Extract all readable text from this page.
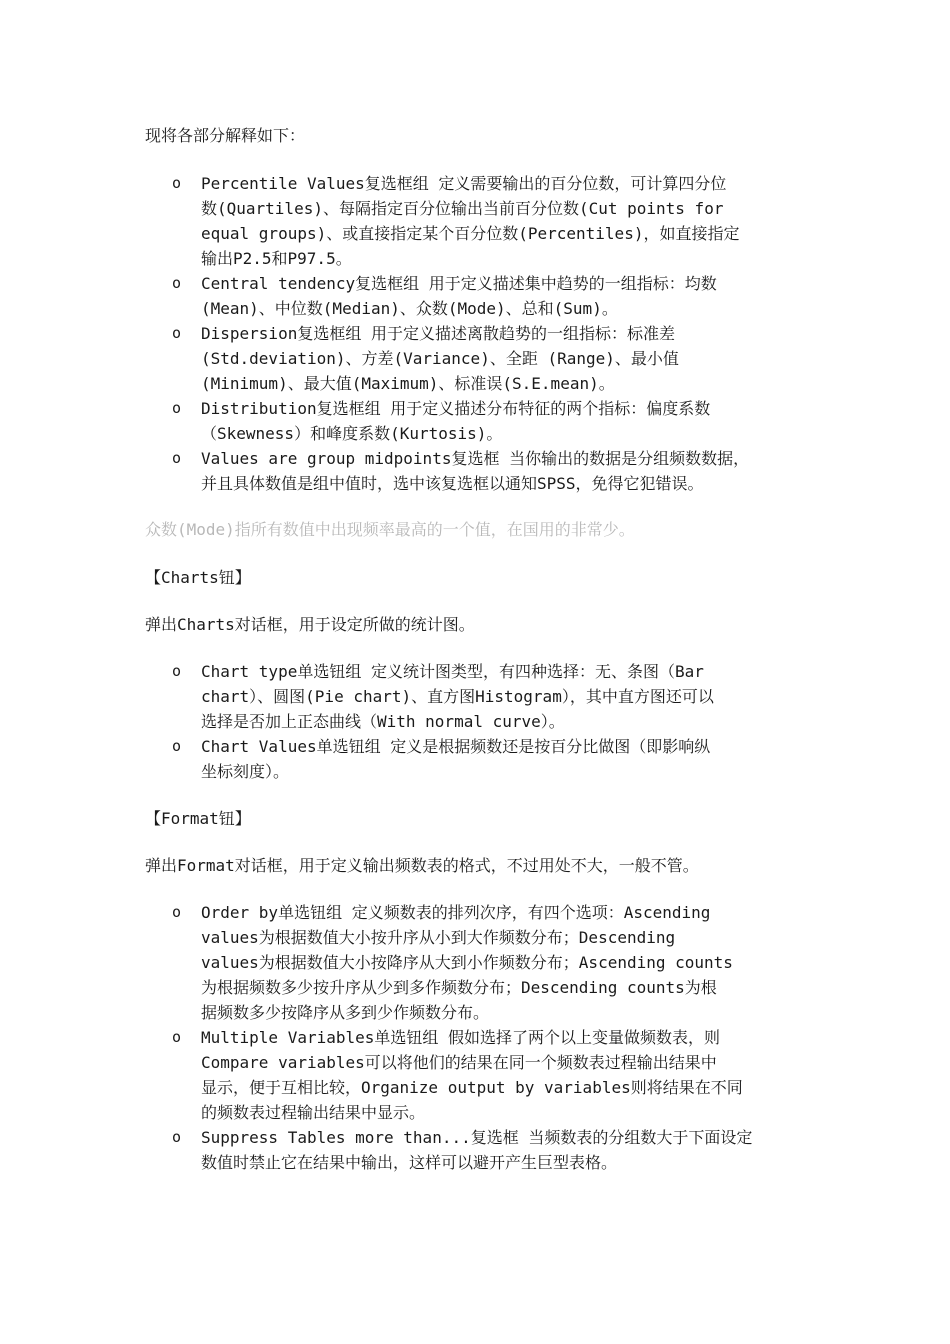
现将各部分解释如下：

o Percentile Values复选框组 定义需要输出的百分位数，可计算四分位
数(Quartiles)、每隔指定百分位输出当前百分位数(Cut points for
equal groups)、或直接指定某个百分位数(Percentiles)，如直接指定
输出P2.5和P97.5。
o Central tendency复选框组 用于定义描述集中趋势的一组指标：均数
(Mean)、中位数(Median)、众数(Mode)、总和(Sum)。
o Dispersion复选框组 用于定义描述离散趋势的一组指标：标准差
(Std.deviation)、方差(Variance)、全距 (Range)、最小值
(Minimum)、最大值(Maximum)、标准误(S.E.mean)。
o Distribution复选框组 用于定义描述分布特征的两个指标：偏度系数
（Skewness）和峰度系数(Kurtosis)。
o Values are group midpoints复选框 当你输出的数据是分组频数数据，
并且具体数值是组中值时，选中该复选框以通知SPSS，免得它犯错误。

众数(Mode)指所有数值中出现频率最高的一个值，在国用的非常少。

【Charts钮】

弹出Charts对话框，用于设定所做的统计图。

o Chart type单选钮组 定义统计图类型，有四种选择：无、条图（Bar
chart）、圆图(Pie chart)、直方图Histogram），其中直方图还可以
选择是否加上正态曲线（With normal curve）。
o Chart Values单选钮组 定义是根据频数还是按百分比做图（即影响纵
坐标刻度）。

【Format钮】

弹出Format对话框，用于定义输出频数表的格式，不过用处不大，一般不管。

o Order by单选钮组 定义频数表的排列次序，有四个选项：Ascending
values为根据数值大小按升序从小到大作频数分布；Descending
values为根据数值大小按降序从大到小作频数分布；Ascending counts
为根据频数多少按升序从少到多作频数分布；Descending counts为根
据频数多少按降序从多到少作频数分布。
o Multiple Variables单选钮组 假如选择了两个以上变量做频数表，则
Compare variables可以将他们的结果在同一个频数表过程输出结果中
显示，便于互相比较，Organize output by variables则将结果在不同
的频数表过程输出结果中显示。
o Suppress Tables more than...复选框 当频数表的分组数大于下面设定
数值时禁止它在结果中输出，这样可以避开产生巨型表格。
